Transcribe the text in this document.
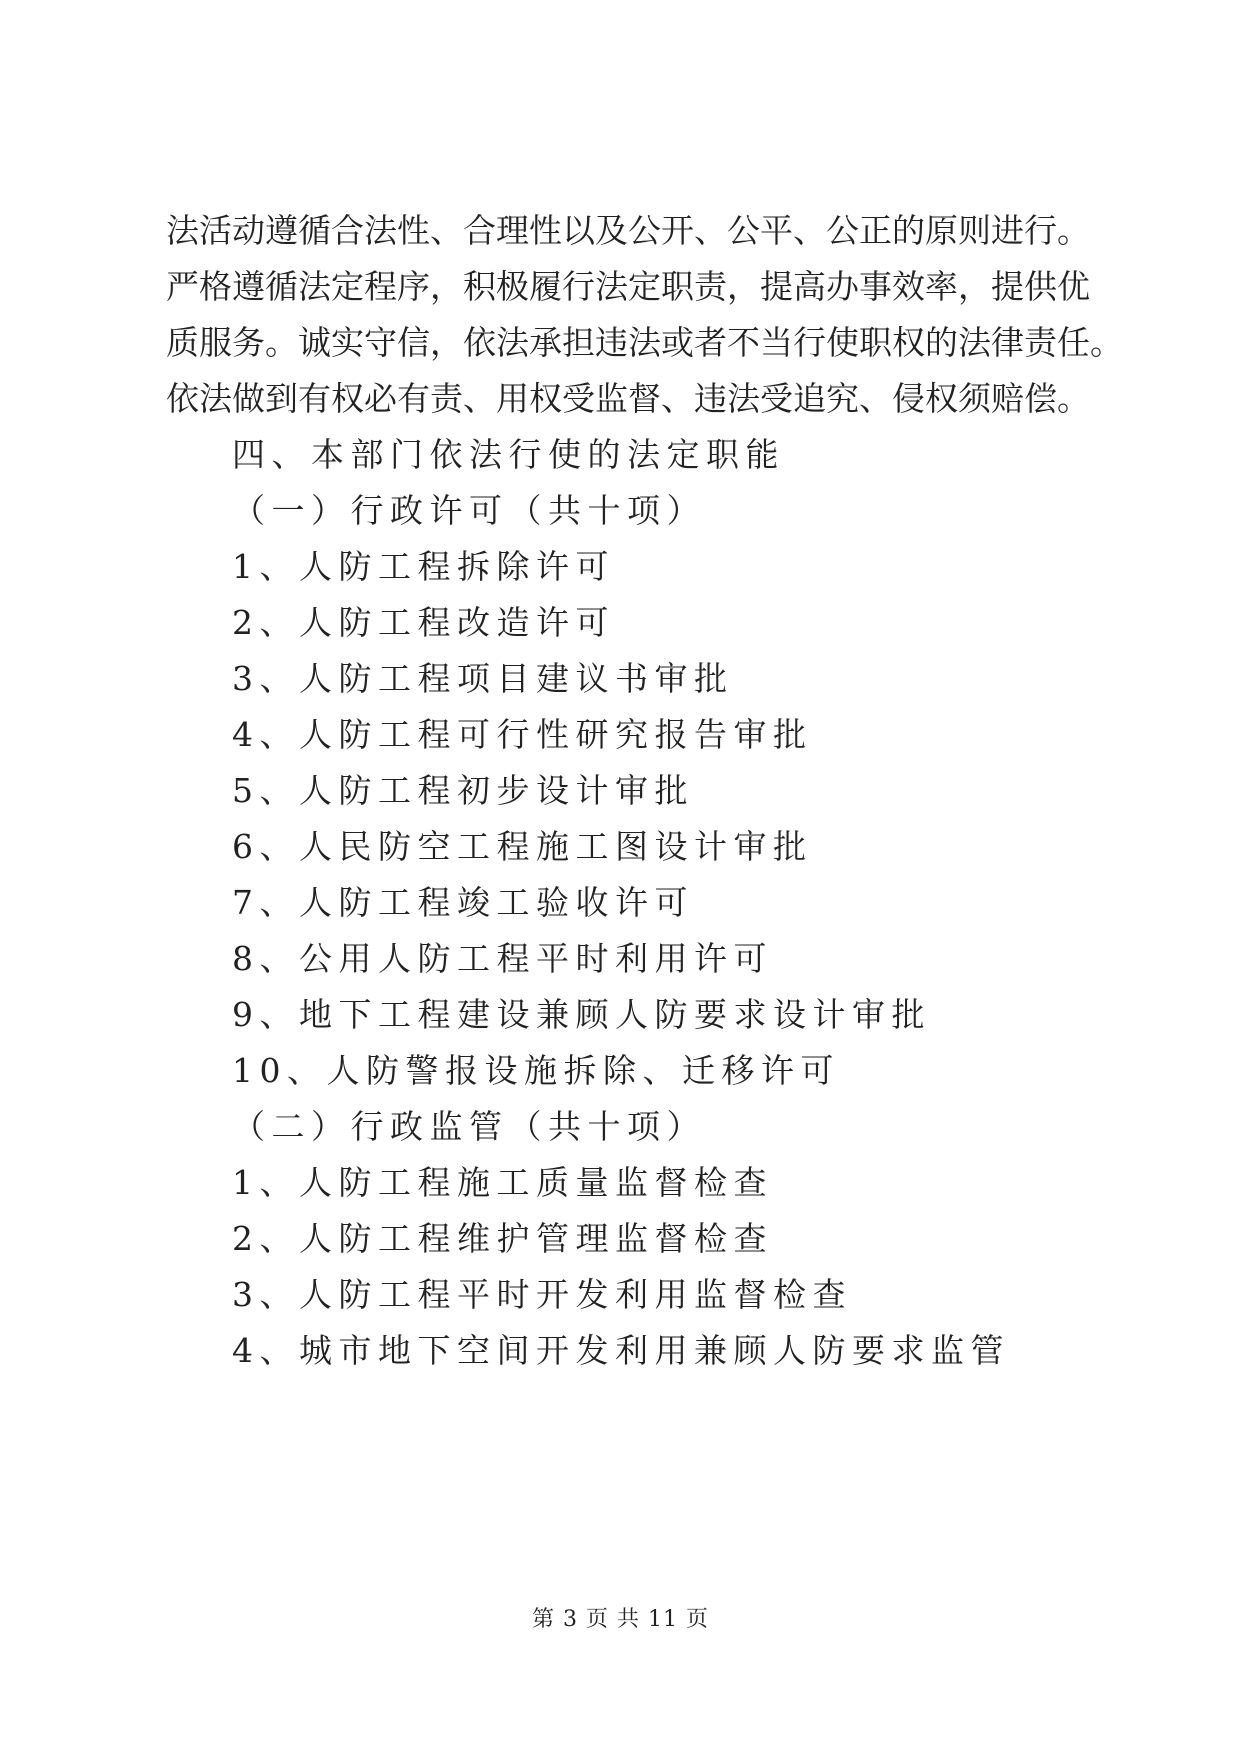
法活动遵循合法性、合理性以及公开、公平、公正的原则进行。
严格遵循法定程序，积极履行法定职责，提高办事效率，提供优
质服务。诚实守信，依法承担违法或者不当行使职权的法律责任。
依法做到有权必有责、用权受监督、违法受追究、侵权须赔偿。
四、本部门依法行使的法定职能
（一）行政许可（共十项）
1、人防工程拆除许可
2、人防工程改造许可
3、人防工程项目建议书审批
4、人防工程可行性研究报告审批
5、人防工程初步设计审批
6、人民防空工程施工图设计审批
7、人防工程竣工验收许可
8、公用人防工程平时利用许可
9、地下工程建设兼顾人防要求设计审批
10、人防警报设施拆除、迁移许可
（二）行政监管（共十项）
1、人防工程施工质量监督检查
2、人防工程维护管理监督检查
3、人防工程平时开发利用监督检查
4、城市地下空间开发利用兼顾人防要求监管
第 3 页 共 11 页
